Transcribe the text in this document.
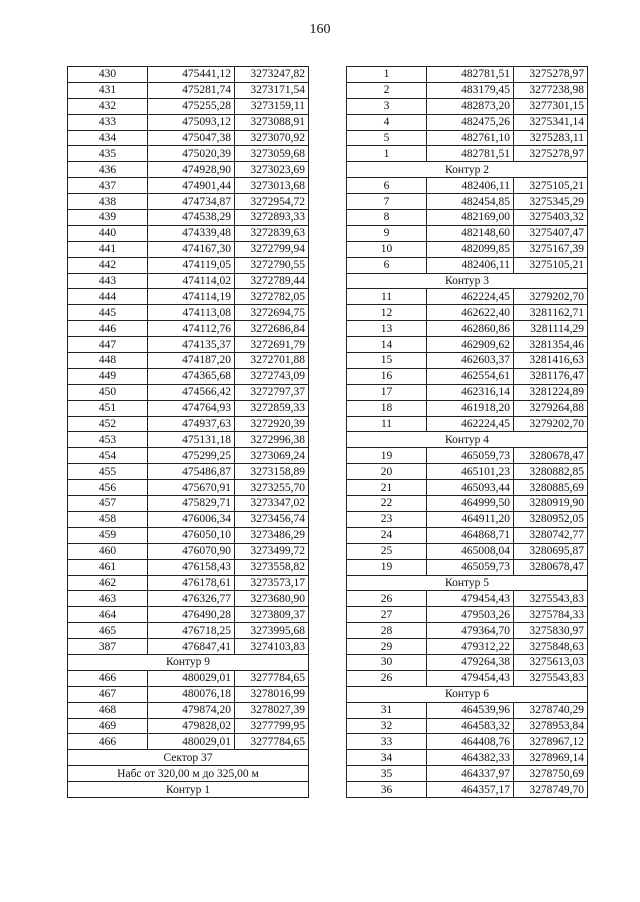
160
430	475441,12	3273247,82
431	475281,74	3273171,54
432	475255,28	3273159,11
433	475093,12	3273088,91
434	475047,38	3273070,92
435	475020,39	3273059,68
436	474928,90	3273023,69
437	474901,44	3273013,68
438	474734,87	3272954,72
439	474538,29	3272893,33
440	474339,48	3272839,63
441	474167,30	3272799,94
442	474119,05	3272790,55
443	474114,02	3272789,44
444	474114,19	3272782,05
445	474113,08	3272694,75
446	474112,76	3272686,84
447	474135,37	3272691,79
448	474187,20	3272701,88
449	474365,68	3272743,09
450	474566,42	3272797,37
451	474764,93	3272859,33
452	474937,63	3272920,39
453	475131,18	3272996,38
454	475299,25	3273069,24
455	475486,87	3273158,89
456	475670,91	3273255,70
457	475829,71	3273347,02
458	476006,34	3273456,74
459	476050,10	3273486,29
460	476070,90	3273499,72
461	476158,43	3273558,82
462	476178,61	3273573,17
463	476326,77	3273680,90
464	476490,28	3273809,37
465	476718,25	3273995,68
387	476847,41	3274103,83
Контур 9		
466	480029,01	3277784,65
467	480076,18	3278016,99
468	479874,20	3278027,39
469	479828,02	3277799,95
466	480029,01	3277784,65
Сектор 37		
Набс от 320,00 м до 325,00 м		
Контур 1		
1	482781,51	3275278,97
2	483179,45	3277238,98
3	482873,20	3277301,15
4	482475,26	3275341,14
5	482761,10	3275283,11
1	482781,51	3275278,97
Контур 2		
6	482406,11	3275105,21
7	482454,85	3275345,29
8	482169,00	3275403,32
9	482148,60	3275407,47
10	482099,85	3275167,39
6	482406,11	3275105,21
Контур 3		
11	462224,45	3279202,70
12	462622,40	3281162,71
13	462860,86	3281114,29
14	462909,62	3281354,46
15	462603,37	3281416,63
16	462554,61	3281176,47
17	462316,14	3281224,89
18	461918,20	3279264,88
11	462224,45	3279202,70
Контур 4		
19	465059,73	3280678,47
20	465101,23	3280882,85
21	465093,44	3280885,69
22	464999,50	3280919,90
23	464911,20	3280952,05
24	464868,71	3280742,77
25	465008,04	3280695,87
19	465059,73	3280678,47
Контур 5		
26	479454,43	3275543,83
27	479503,26	3275784,33
28	479364,70	3275830,97
29	479312,22	3275848,63
30	479264,38	3275613,03
26	479454,43	3275543,83
Контур 6		
31	464539,96	3278740,29
32	464583,32	3278953,84
33	464408,76	3278967,12
34	464382,33	3278969,14
35	464337,97	3278750,69
36	464357,17	3278749,70
